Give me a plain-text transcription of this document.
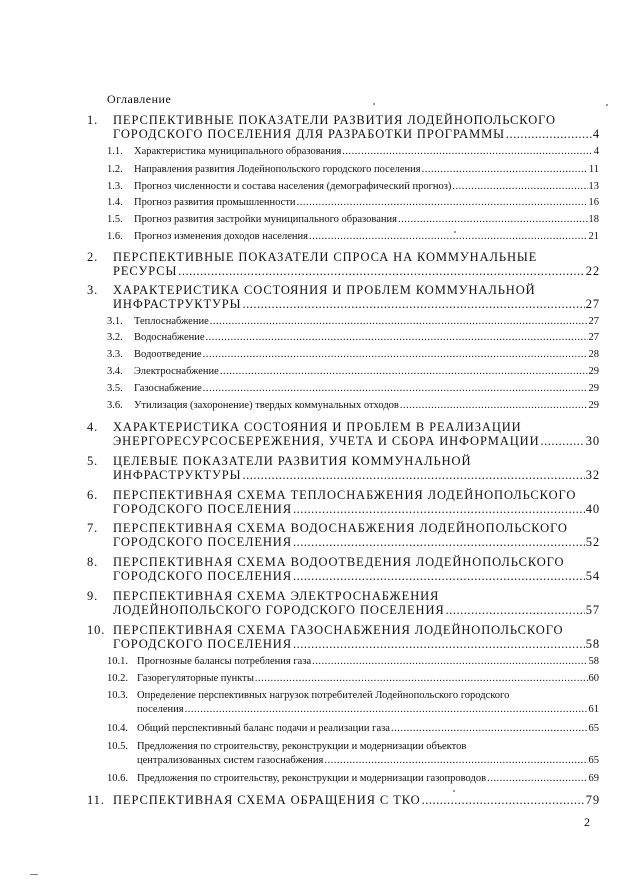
Оглавление
1. ПЕРСПЕКТИВНЫЕ ПОКАЗАТЕЛИ РАЗВИТИЯ ЛОДЕЙНОПОЛЬСКОГО
ГОРОДСКОГО ПОСЕЛЕНИЯ ДЛЯ РАЗРАБОТКИ ПРОГРАММЫ .....	4
1.1.	Характеристика муниципального образования .....	4
1.2.	Направления развития Лодейнопольского городского поселения .....	11
1.3.	Прогноз численности и состава населения (демографический прогноз) .....	13
1.4.	Прогноз развития промышленности .....	16
1.5.	Прогноз развития застройки муниципального образования .....	18
1.6.	Прогноз изменения доходов населения .....	21
2. ПЕРСПЕКТИВНЫЕ ПОКАЗАТЕЛИ СПРОСА НА КОММУНАЛЬНЫЕ
РЕСУРСЫ .....	22
3. ХАРАКТЕРИСТИКА СОСТОЯНИЯ И ПРОБЛЕМ КОММУНАЛЬНОЙ
ИНФРАСТРУКТУРЫ .....	27
3.1.	Теплоснабжение .....	27
3.2.	Водоснабжение .....	27
3.3.	Водоотведение .....	28
3.4.	Электроснабжение .....	29
3.5.	Газоснабжение .....	29
3.6.	Утилизация (захоронение) твердых коммунальных отходов .....	29
4. ХАРАКТЕРИСТИКА СОСТОЯНИЯ И ПРОБЛЕМ В РЕАЛИЗАЦИИ
ЭНЕРГОРЕСУРСОСБЕРЕЖЕНИЯ, УЧЕТА И СБОРА ИНФОРМАЦИИ .....	30
5. ЦЕЛЕВЫЕ ПОКАЗАТЕЛИ РАЗВИТИЯ КОММУНАЛЬНОЙ
ИНФРАСТРУКТУРЫ .....	32
6. ПЕРСПЕКТИВНАЯ СХЕМА ТЕПЛОСНАБЖЕНИЯ ЛОДЕЙНОПОЛЬСКОГО
ГОРОДСКОГО ПОСЕЛЕНИЯ .....	40
7. ПЕРСПЕКТИВНАЯ СХЕМА ВОДОСНАБЖЕНИЯ ЛОДЕЙНОПОЛЬСКОГО
ГОРОДСКОГО ПОСЕЛЕНИЯ .....	52
8. ПЕРСПЕКТИВНАЯ СХЕМА ВОДООТВЕДЕНИЯ ЛОДЕЙНОПОЛЬСКОГО
ГОРОДСКОГО ПОСЕЛЕНИЯ .....	54
9. ПЕРСПЕКТИВНАЯ СХЕМА ЭЛЕКТРОСНАБЖЕНИЯ
ЛОДЕЙНОПОЛЬСКОГО ГОРОДСКОГО ПОСЕЛЕНИЯ .....	57
10. ПЕРСПЕКТИВНАЯ СХЕМА ГАЗОСНАБЖЕНИЯ ЛОДЕЙНОПОЛЬСКОГО
ГОРОДСКОГО ПОСЕЛЕНИЯ .....	58
10.1. Прогнозные балансы потребления газа .....	58
10.2. Газорегуляторные пункты .....	60
10.3. Определение перспективных нагрузок потребителей Лодейнопольского городского
поселения .....	61
10.4. Общий перспективный баланс подачи и реализации газа .....	65
10.5. Предложения по строительству, реконструкции и модернизации объектов
централизованных систем газоснабжения .....	65
10.6. Предложения по строительству, реконструкции и модернизации газопроводов .....	69
11. ПЕРСПЕКТИВНАЯ СХЕМА ОБРАЩЕНИЯ С ТКО .....	79
2
